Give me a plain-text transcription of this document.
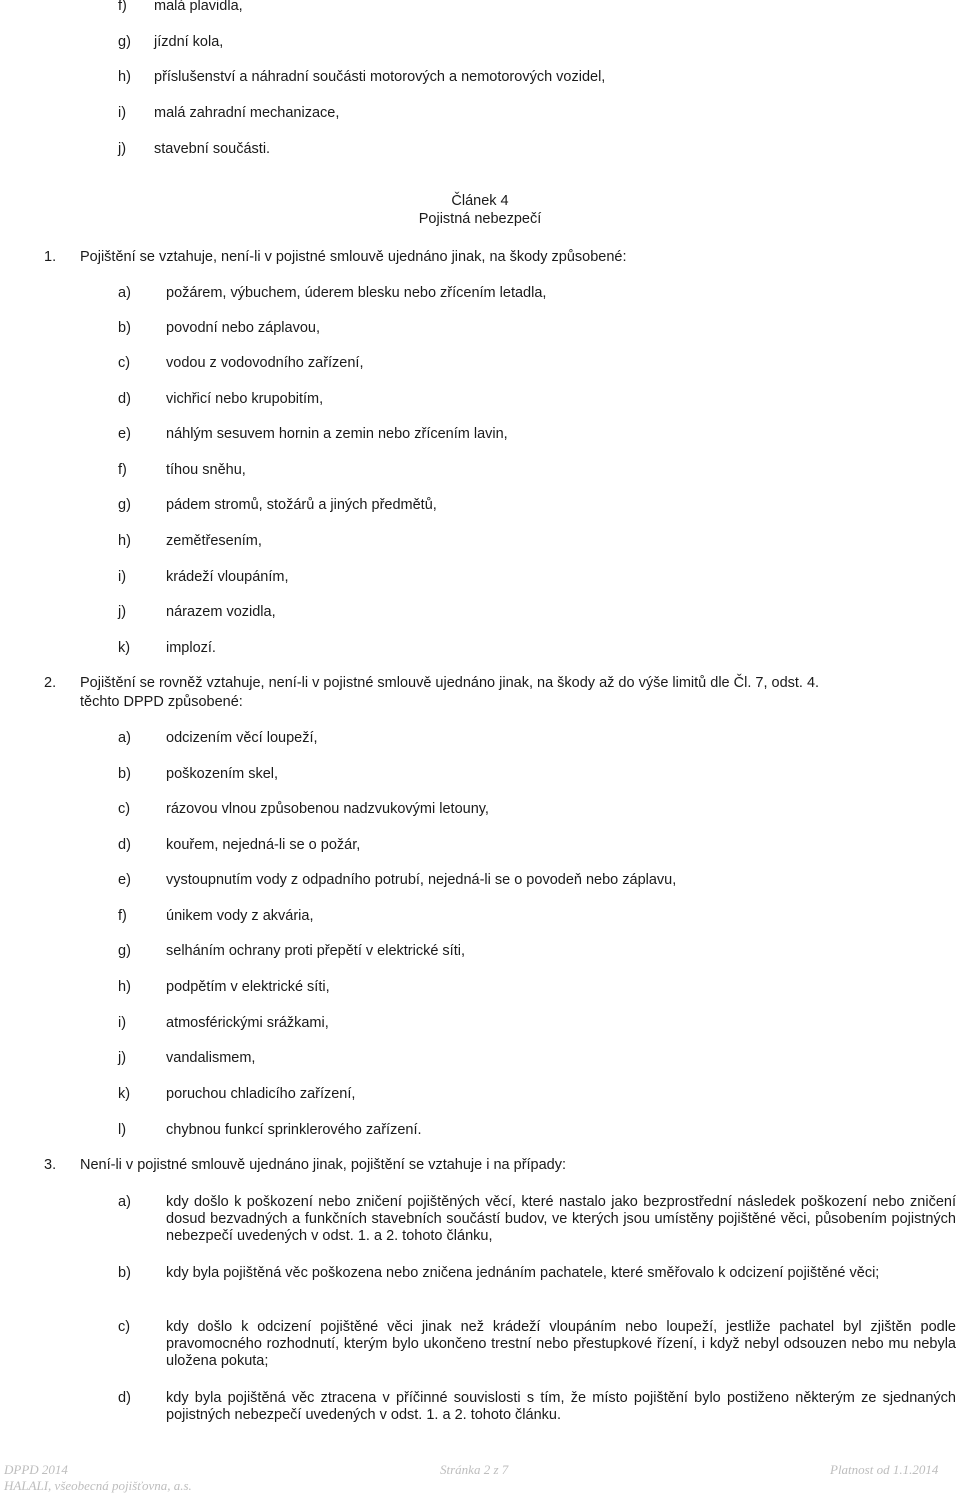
f) malá plavidla,
g) jízdní kola,
h) příslušenství a náhradní součásti motorových a nemotorových vozidel,
i) malá zahradní mechanizace,
j) stavební součásti.
Článek 4
Pojistná nebezpečí
1. Pojištění se vztahuje, není-li v pojistné smlouvě ujednáno jinak, na škody způsobené:
a) požárem, výbuchem, úderem blesku nebo zřícením letadla,
b) povodní nebo záplavou,
c) vodou z vodovodního zařízení,
d) vichřicí nebo krupobitím,
e) náhlým sesuvem hornin a zemin nebo zřícením lavin,
f)	tíhou sněhu,
g) pádem stromů, stožárů a jiných předmětů,
h) zemětřesením,
i)	krádeží vloupáním,
j)	nárazem vozidla,
k) implozí.
2. Pojištění se rovněž vztahuje, není-li v pojistné smlouvě ujednáno jinak, na škody až do výše limitů dle Čl. 7, odst. 4.
těchto DPPD způsobené:
a) odcizením věcí loupeží,
b) poškozením skel,
c) rázovou vlnou způsobenou nadzvukovými letouny,
d) kouřem, nejedná-li se o požár,
e) vystoupnutím vody z odpadního potrubí, nejedná-li se o povodeň nebo záplavu,
f)	únikem vody z akvária,
g) selháním ochrany proti přepětí v elektrické síti,
h) podpětím v elektrické síti,
i)	atmosférickými srážkami,
j)	vandalismem,
k) poruchou chladicího zařízení,
l)	chybnou funkcí sprinklerového zařízení.
3. Není-li v pojistné smlouvě ujednáno jinak, pojištění se vztahuje i na případy:
a) kdy došlo k poškození nebo zničení pojištěných věcí, které nastalo jako bezprostřední následek poškození nebo zničení dosud bezvadných a funkčních stavebních součástí budov, ve kterých jsou umístěny pojištěné věci, působením pojistných nebezpečí uvedených v odst. 1. a 2. tohoto článku,
b) kdy byla pojištěná věc poškozena nebo zničena jednáním pachatele, které směřovalo k odcizení pojištěné věci;
c) kdy došlo k odcizení pojištěné věci jinak než krádeží vloupáním nebo loupeží, jestliže pachatel byl zjištěn podle pravomocného rozhodnutí, kterým bylo ukončeno trestní nebo přestupkové řízení, i když nebyl odsouzen nebo mu nebyla uložena pokuta;
d) kdy byla pojištěná věc ztracena v příčinné souvislosti s tím, že místo pojištění bylo postiženo některým ze sjednaných pojistných nebezpečí uvedených v odst. 1. a 2. tohoto článku.
DPPD 2014
HALALI, všeobecná pojišťovna, a.s.
Stránka 2 z 7	Platnost od 1.1.2014
